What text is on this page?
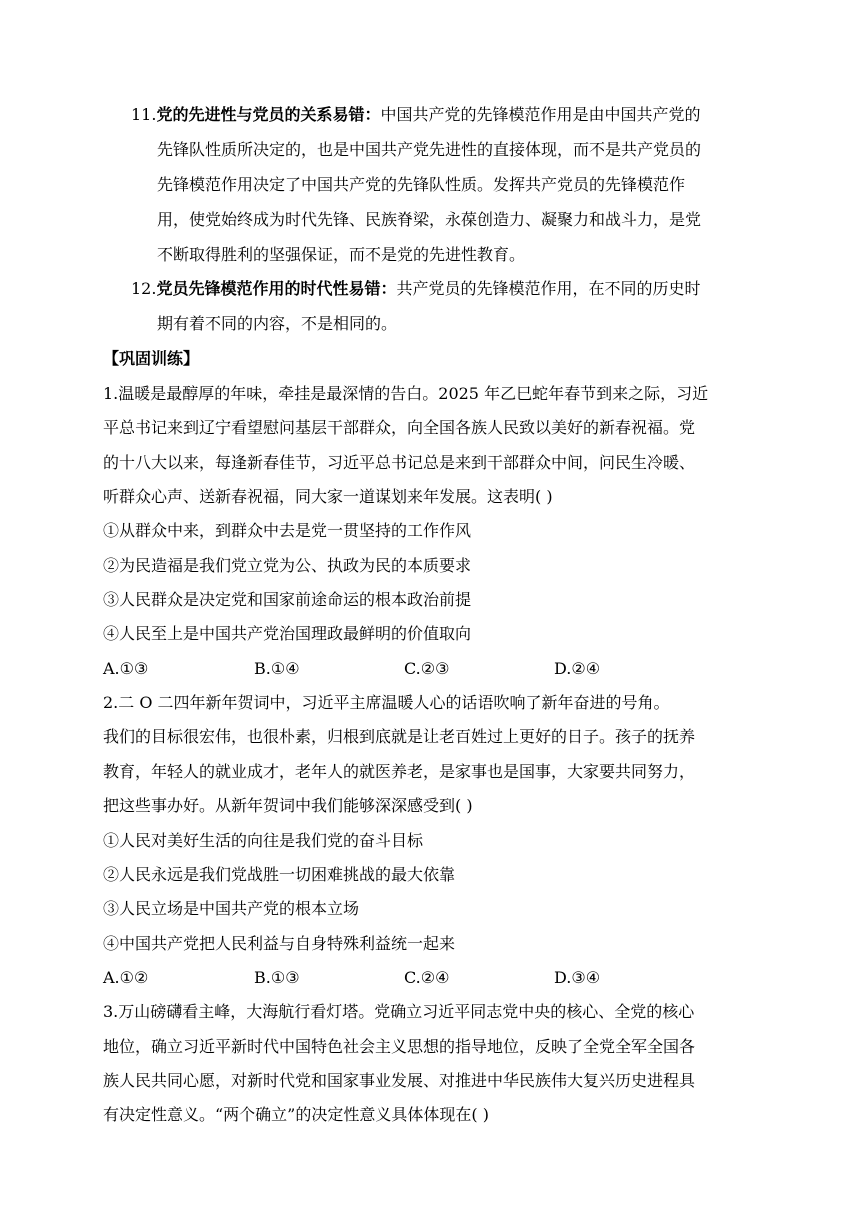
11.党的先进性与党员的关系易错：中国共产党的先锋模范作用是由中国共产党的
先锋队性质所决定的，也是中国共产党先进性的直接体现，而不是共产党员的
先锋模范作用决定了中国共产党的先锋队性质。发挥共产党员的先锋模范作
用，使党始终成为时代先锋、民族脊梁，永葆创造力、凝聚力和战斗力，是党
不断取得胜利的坚强保证，而不是党的先进性教育。
12.党员先锋模范作用的时代性易错：共产党员的先锋模范作用，在不同的历史时
期有着不同的内容，不是相同的。
【巩固训练】
1.温暖是最醇厚的年味，牵挂是最深情的告白。2025 年乙巳蛇年春节到来之际，习近
平总书记来到辽宁看望慰问基层干部群众，向全国各族人民致以美好的新春祝福。党
的十八大以来，每逢新春佳节，习近平总书记总是来到干部群众中间，问民生冷暖、
听群众心声、送新春祝福，同大家一道谋划来年发展。这表明( )
①从群众中来，到群众中去是党一贯坚持的工作作风
②为民造福是我们党立党为公、执政为民的本质要求
③人民群众是决定党和国家前途命运的根本政治前提
④人民至上是中国共产党治国理政最鲜明的价值取向
A.①③	B.①④	C.②③	D.②④
2.二 O 二四年新年贺词中，习近平主席温暖人心的话语吹响了新年奋进的号角。
我们的目标很宏伟，也很朴素，归根到底就是让老百姓过上更好的日子。孩子的抚养
教育，年轻人的就业成才，老年人的就医养老，是家事也是国事，大家要共同努力，
把这些事办好。从新年贺词中我们能够深深感受到( )
①人民对美好生活的向往是我们党的奋斗目标
②人民永远是我们党战胜一切困难挑战的最大依靠
③人民立场是中国共产党的根本立场
④中国共产党把人民利益与自身特殊利益统一起来
A.①②	B.①③	C.②④	D.③④
3.万山磅礴看主峰，大海航行看灯塔。党确立习近平同志党中央的核心、全党的核心
地位，确立习近平新时代中国特色社会主义思想的指导地位，反映了全党全军全国各
族人民共同心愿，对新时代党和国家事业发展、对推进中华民族伟大复兴历史进程具
有决定性意义。“两个确立”的决定性意义具体体现在( )
